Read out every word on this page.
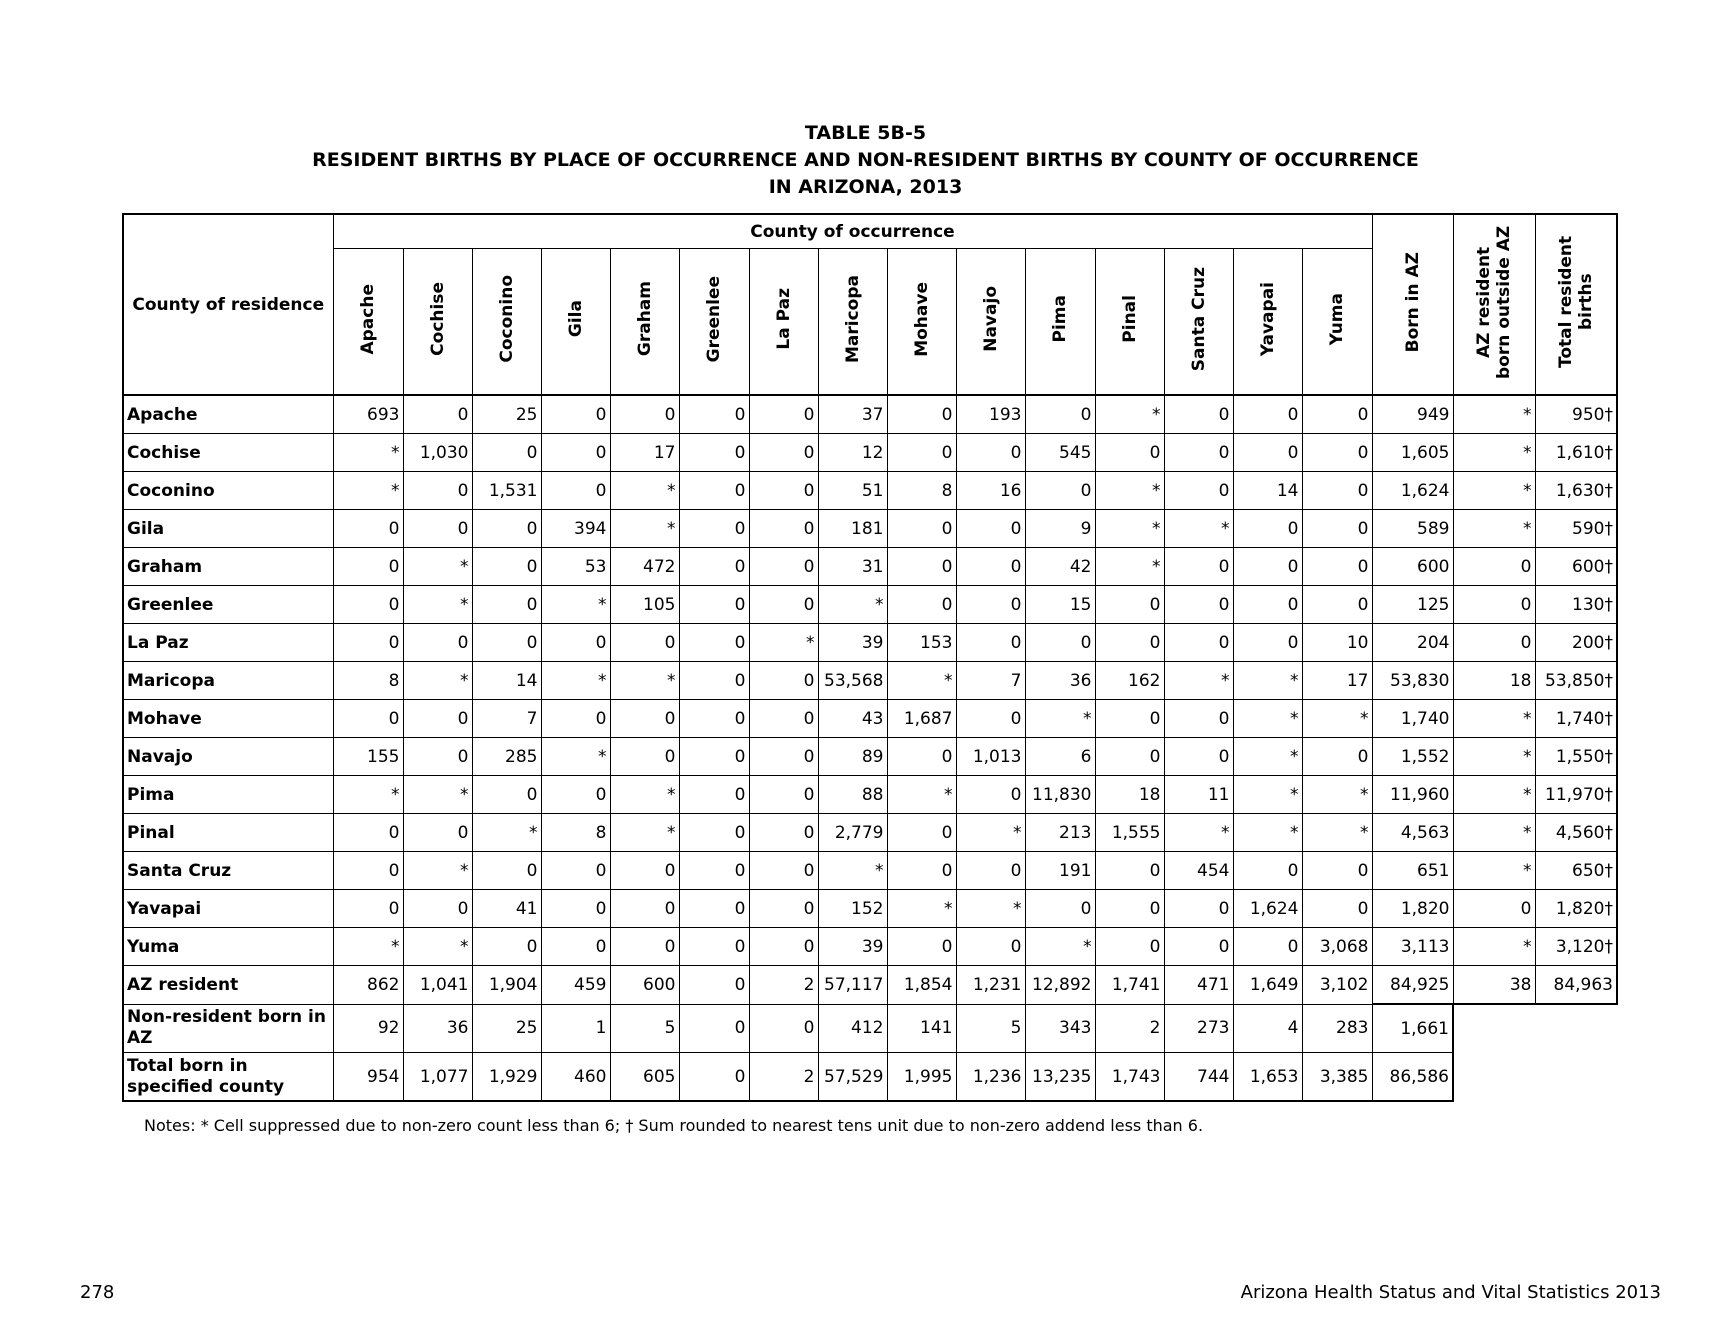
TABLE 5B-5
RESIDENT BIRTHS BY PLACE OF OCCURRENCE AND NON-RESIDENT BIRTHS BY COUNTY OF OCCURRENCE
IN ARIZONA, 2013
County of residence	County of occurrence															Born in AZ	AZ resident born outside AZ	Total resident births
	Apache	Cochise	Coconino	Gila	Graham	Greenlee	La Paz	Maricopa	Mohave	Navajo	Pima	Pinal	Santa Cruz	Yavapai	Yuma			
Apache	693	0	25	0	0	0	0	37	0	193	0	*	0	0	0	949	*	950†
Cochise	*	1,030	0	0	17	0	0	12	0	0	545	0	0	0	0	1,605	*	1,610†
Coconino	*	0	1,531	0	*	0	0	51	8	16	0	*	0	14	0	1,624	*	1,630†
Gila	0	0	0	394	*	0	0	181	0	0	9	*	*	0	0	589	*	590†
Graham	0	*	0	53	472	0	0	31	0	0	42	*	0	0	0	600	0	600†
Greenlee	0	*	0	*	105	0	0	*	0	0	15	0	0	0	0	125	0	130†
La Paz	0	0	0	0	0	0	*	39	153	0	0	0	0	0	10	204	0	200†
Maricopa	8	*	14	*	*	0	0	53,568	*	7	36	162	*	*	17	53,830	18	53,850†
Mohave	0	0	7	0	0	0	0	43	1,687	0	*	0	0	*	*	1,740	*	1,740†
Navajo	155	0	285	*	0	0	0	89	0	1,013	6	0	0	*	0	1,552	*	1,550†
Pima	*	*	0	0	*	0	0	88	*	0	11,830	18	11	*	*	11,960	*	11,970†
Pinal	0	0	*	8	*	0	0	2,779	0	*	213	1,555	*	*	*	4,563	*	4,560†
Santa Cruz	0	*	0	0	0	0	0	*	0	0	191	0	454	0	0	651	*	650†
Yavapai	0	0	41	0	0	0	0	152	*	*	0	0	0	1,624	0	1,820	0	1,820†
Yuma	*	*	0	0	0	0	0	39	0	0	*	0	0	0	3,068	3,113	*	3,120†
AZ resident	862	1,041	1,904	459	600	0	2	57,117	1,854	1,231	12,892	1,741	471	1,649	3,102	84,925	38	84,963
Non-resident born in AZ	92	36	25	1	5	0	0	412	141	5	343	2	273	4	283	1,661		
Total born in specified county	954	1,077	1,929	460	605	0	2	57,529	1,995	1,236	13,235	1,743	744	1,653	3,385	86,586		
Notes: * Cell suppressed due to non-zero count less than 6; † Sum rounded to nearest tens unit due to non-zero addend less than 6.
278	Arizona Health Status and Vital Statistics 2013
